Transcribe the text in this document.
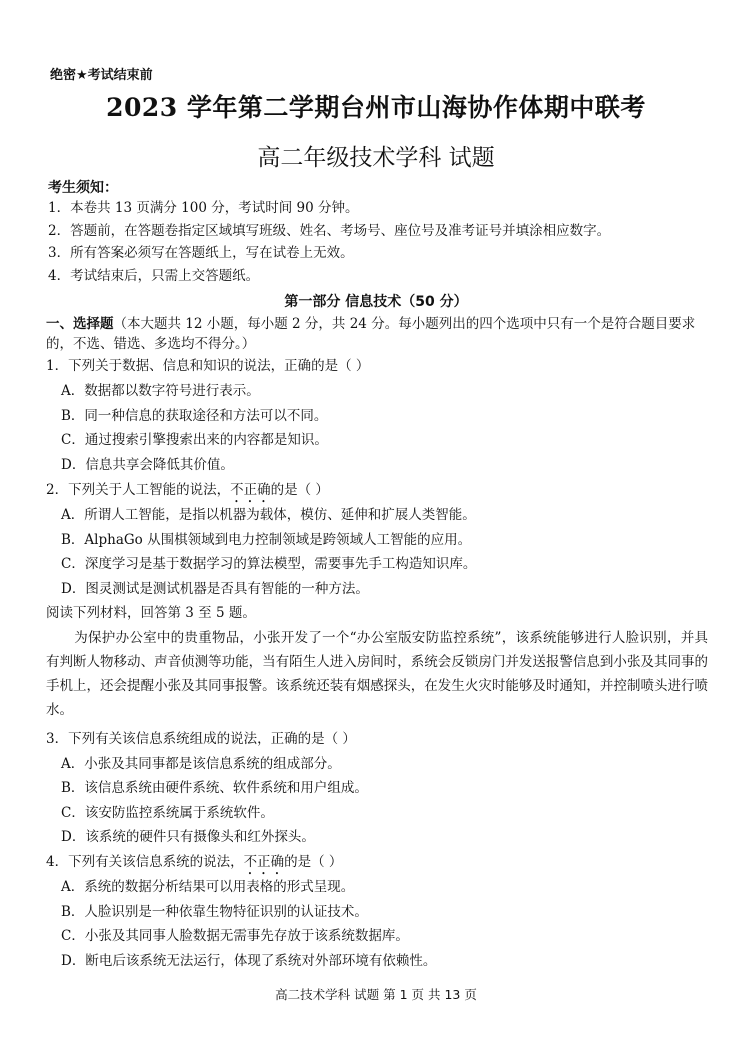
绝密★考试结束前
2023 学年第二学期台州市山海协作体期中联考
高二年级技术学科 试题
考生须知：
1．本卷共 13 页满分 100 分，考试时间 90 分钟。
2．答题前，在答题卷指定区域填写班级、姓名、考场号、座位号及准考证号并填涂相应数字。
3．所有答案必须写在答题纸上，写在试卷上无效。
4．考试结束后，只需上交答题纸。
第一部分 信息技术（50 分）
一、选择题（本大题共 12 小题，每小题 2 分，共 24 分。每小题列出的四个选项中只有一个是符合题目要求的，不选、错选、多选均不得分。）
1．下列关于数据、信息和知识的说法，正确的是（ ）
A．数据都以数字符号进行表示。
B．同一种信息的获取途径和方法可以不同。
C．通过搜索引擎搜索出来的内容都是知识。
D．信息共享会降低其价值。
2．下列关于人工智能的说法，不正确的是（ ）
A．所谓人工智能，是指以机器为载体，模仿、延伸和扩展人类智能。
B．AlphaGo 从围棋领域到电力控制领域是跨领域人工智能的应用。
C．深度学习是基于数据学习的算法模型，需要事先手工构造知识库。
D．图灵测试是测试机器是否具有智能的一种方法。
阅读下列材料，回答第 3 至 5 题。
为保护办公室中的贵重物品，小张开发了一个“办公室版安防监控系统”，该系统能够进行人脸识别，并具有判断人物移动、声音侦测等功能，当有陌生人进入房间时，系统会反锁房门并发送报警信息到小张及其同事的手机上，还会提醒小张及其同事报警。该系统还装有烟感探头，在发生火灾时能够及时通知，并控制喷头进行喷水。
3．下列有关该信息系统组成的说法，正确的是（ ）
A．小张及其同事都是该信息系统的组成部分。
B．该信息系统由硬件系统、软件系统和用户组成。
C．该安防监控系统属于系统软件。
D．该系统的硬件只有摄像头和红外探头。
4．下列有关该信息系统的说法，不正确的是（ ）
A．系统的数据分析结果可以用表格的形式呈现。
B．人脸识别是一种依靠生物特征识别的认证技术。
C．小张及其同事人脸数据无需事先存放于该系统数据库。
D．断电后该系统无法运行，体现了系统对外部环境有依赖性。
高二技术学科 试题 第 1 页 共 13 页
